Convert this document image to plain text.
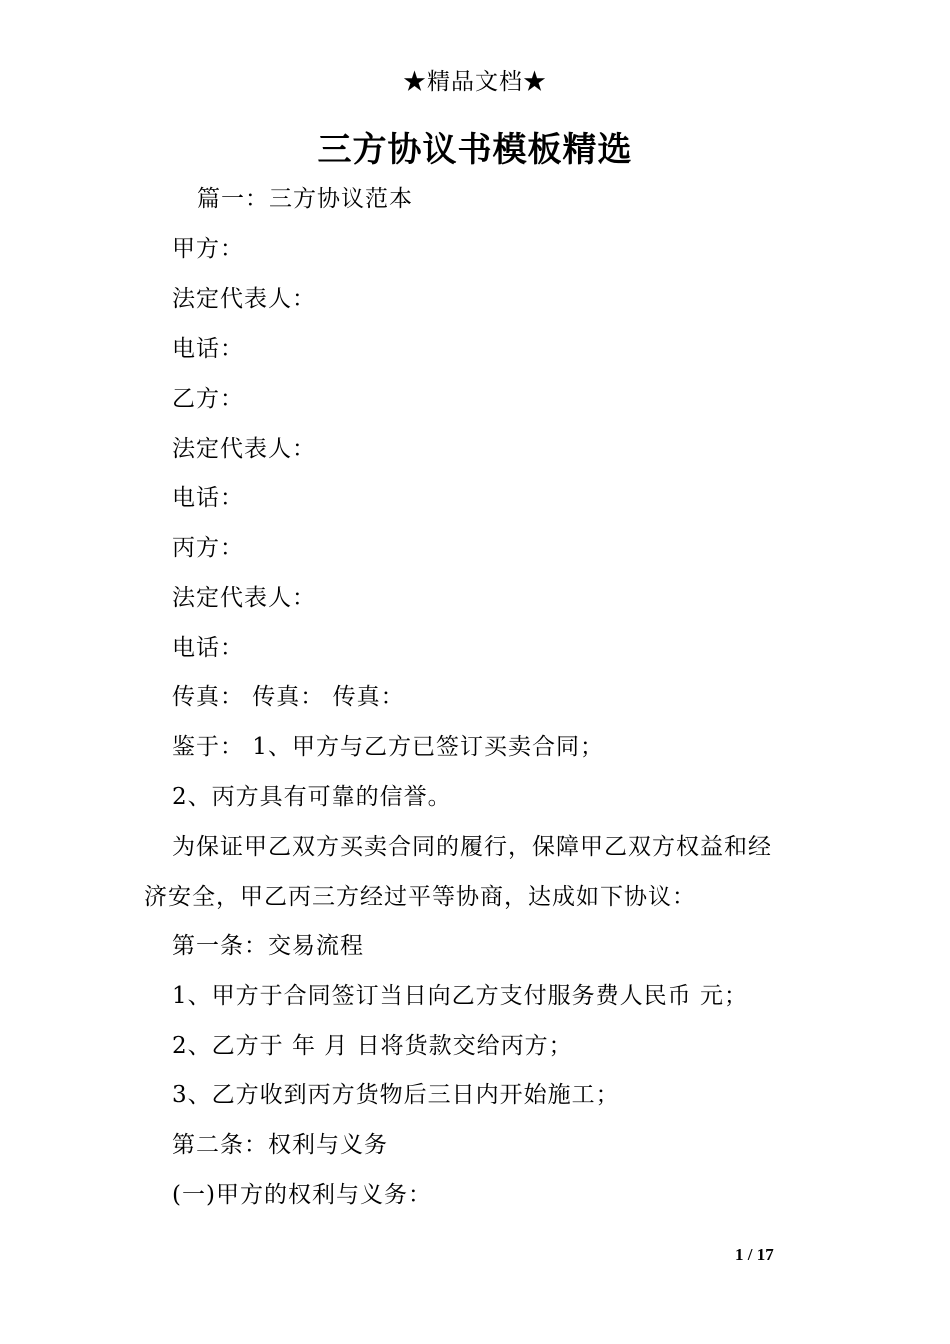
★精品文档★
三方协议书模板精选
篇一：三方协议范本
甲方：
法定代表人：
电话：
乙方：
法定代表人：
电话：
丙方：
法定代表人：
电话：
传真： 传真： 传真：
鉴于： 1、甲方与乙方已签订买卖合同；
2、丙方具有可靠的信誉。
为保证甲乙双方买卖合同的履行，保障甲乙双方权益和经
济安全，甲乙丙三方经过平等协商，达成如下协议：
第一条：交易流程
1、甲方于合同签订当日向乙方支付服务费人民币 元；
2、乙方于 年 月 日将货款交给丙方；
3、乙方收到丙方货物后三日内开始施工；
第二条：权利与义务
(一)甲方的权利与义务：
1 / 17
